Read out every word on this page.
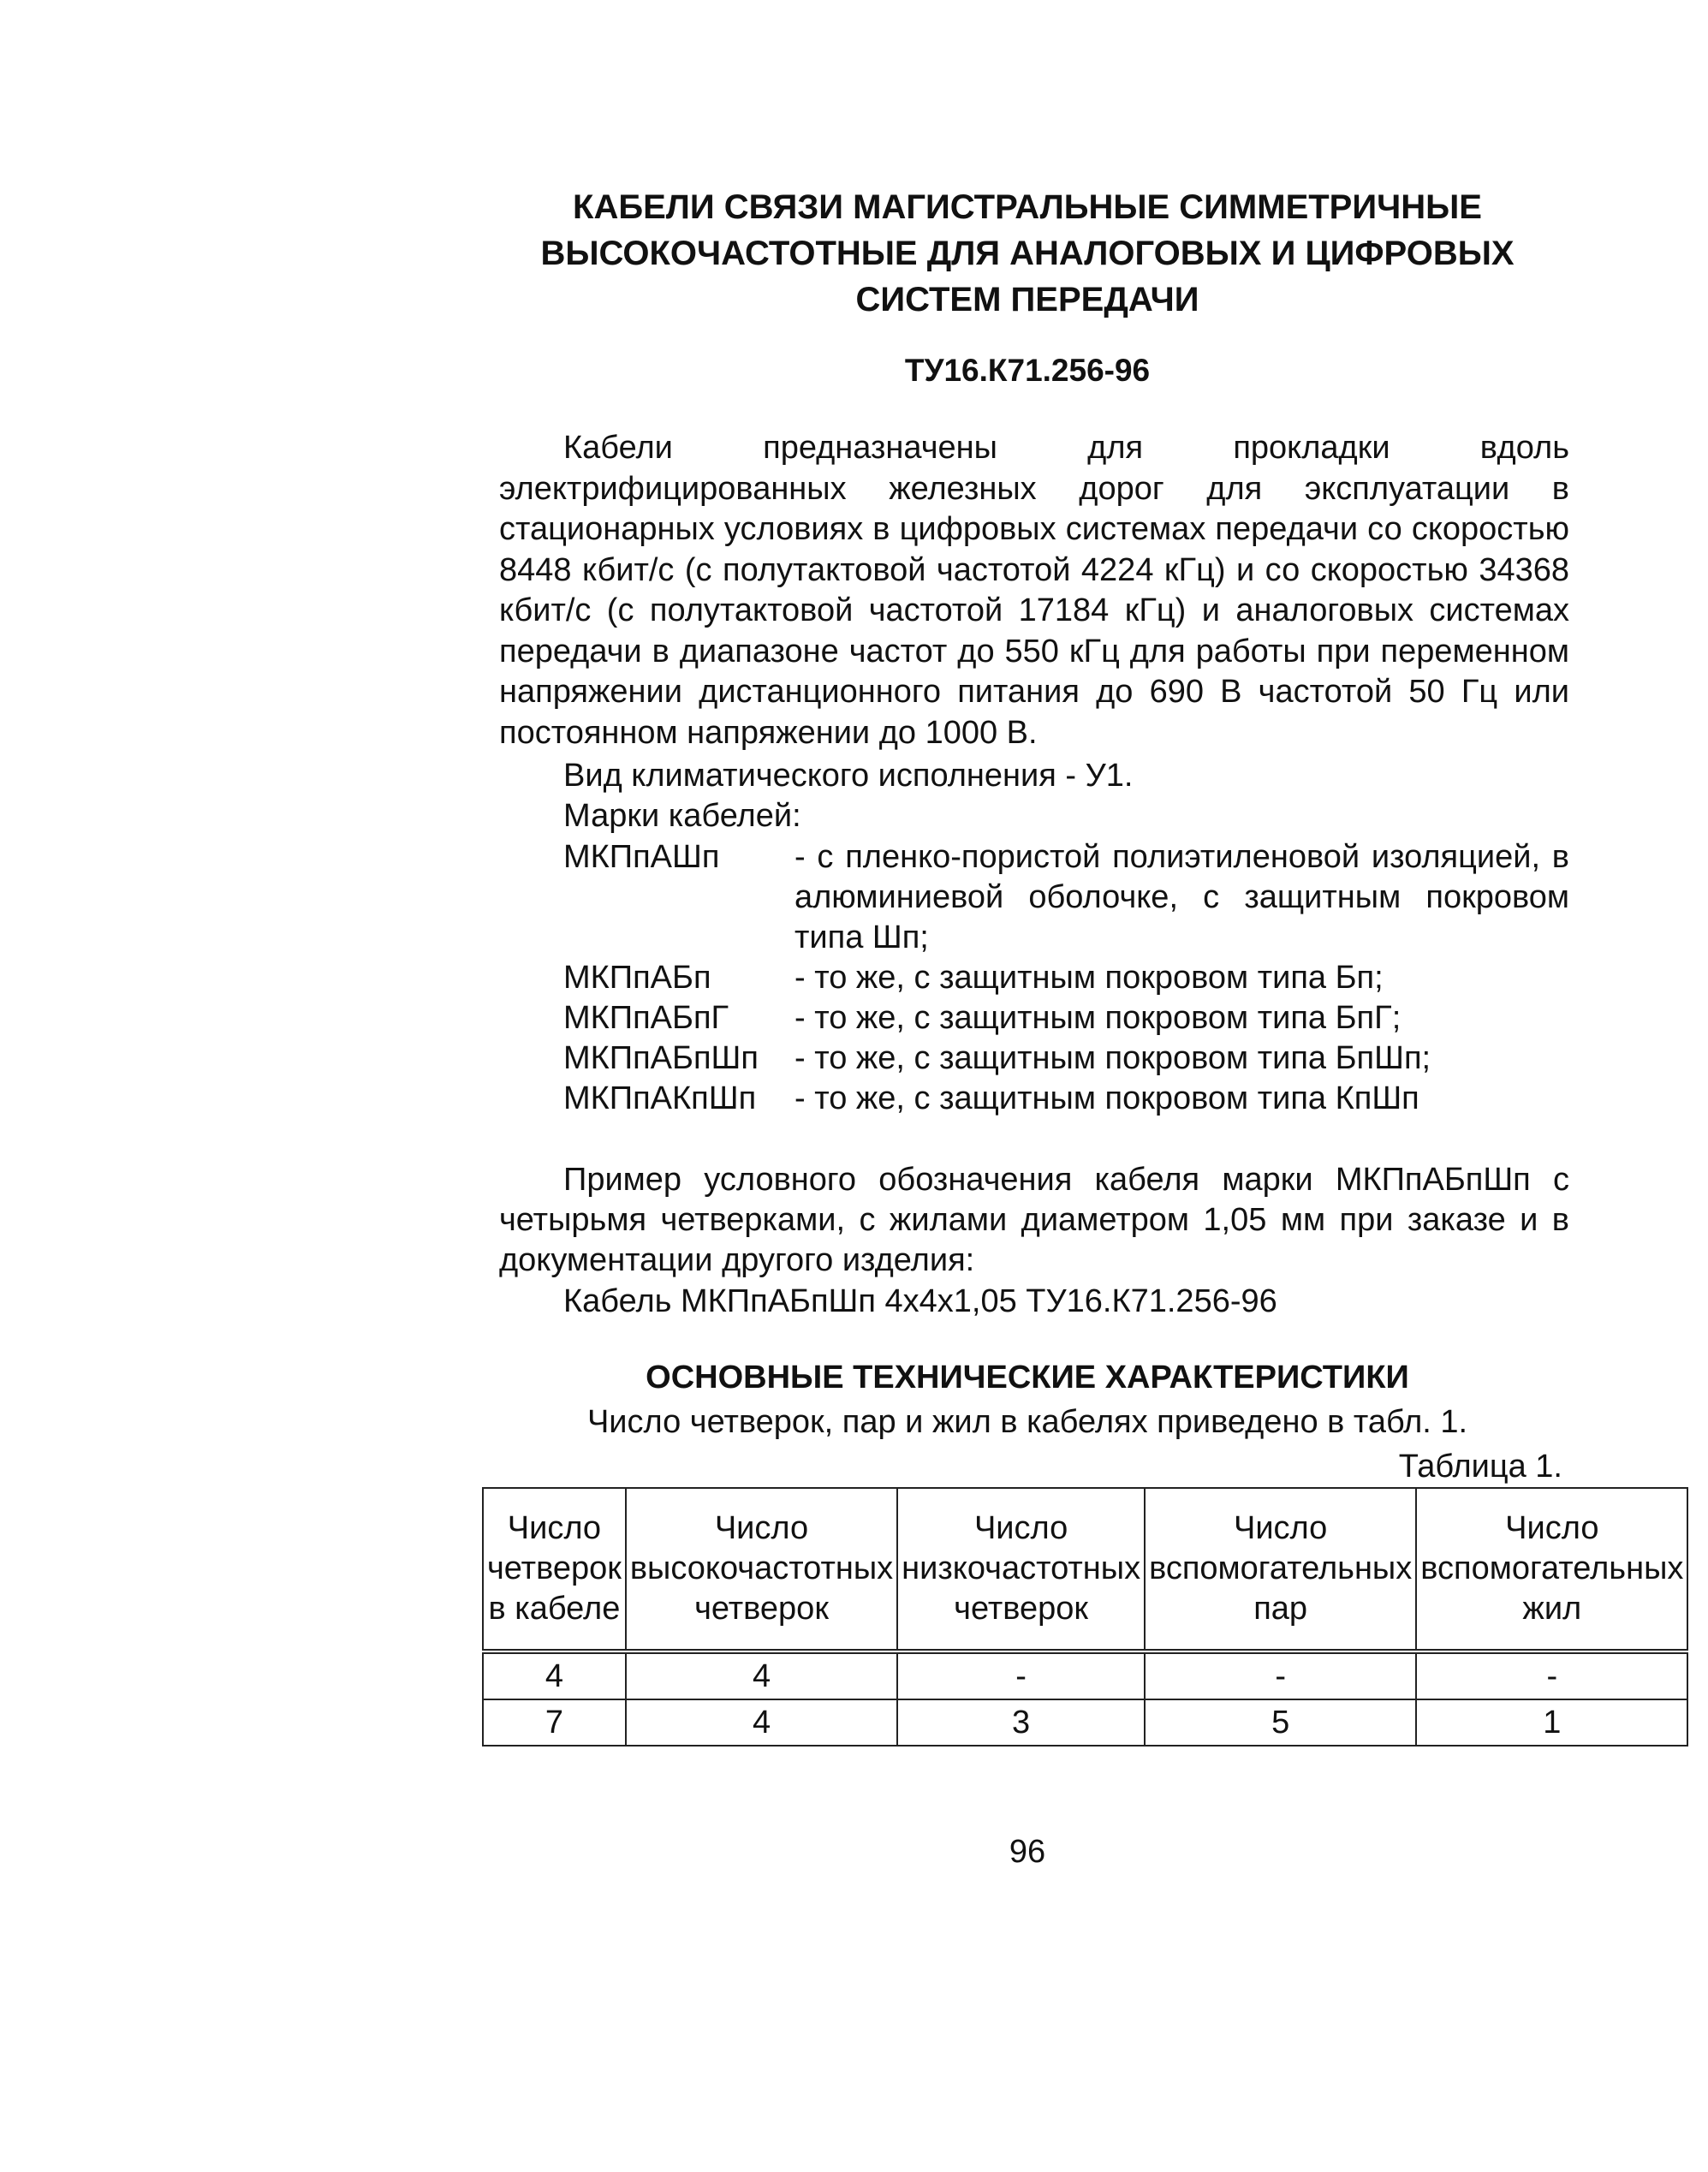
КАБЕЛИ СВЯЗИ МАГИСТРАЛЬНЫЕ СИММЕТРИЧНЫЕ
ВЫСОКОЧАСТОТНЫЕ ДЛЯ АНАЛОГОВЫХ И ЦИФРОВЫХ
СИСТЕМ ПЕРЕДАЧИ

ТУ16.К71.256-96

Кабели предназначены для прокладки вдоль электрифицированных железных дорог для эксплуатации в стационарных условиях в цифровых системах передачи со скоростью 8448 кбит/с (с полутактовой частотой 4224 кГц) и со скоростью 34368 кбит/с (с полутактовой частотой 17184 кГц) и аналоговых системах передачи в диапазоне частот до 550 кГц для работы при переменном напряжении дистанционного питания до 690 В частотой 50 Гц или постоянном напряжении до 1000 В.

Вид климатического исполнения - У1.

Марки кабелей:

МКПпАШп	- с пленко-пористой полиэтиленовой изоляцией, в алюминиевой оболочке, с защитным покровом типа Шп;
МКПпАБп	- то же, с защитным покровом типа Бп;
МКПпАБпГ	- то же, с защитным покровом типа БпГ;
МКПпАБпШп	- то же, с защитным покровом типа БпШп;
МКПпАКпШп	- то же, с защитным покровом типа КпШп

Пример условного обозначения кабеля марки МКПпАБпШп с четырьмя четверками, с жилами диаметром 1,05 мм при заказе и в документации другого изделия:

Кабель МКПпАБпШп 4х4х1,05 ТУ16.К71.256-96

ОСНОВНЫЕ ТЕХНИЧЕСКИЕ ХАРАКТЕРИСТИКИ

Число четверок, пар и жил в кабелях приведено в табл. 1.

Таблица 1.

Число четверок в кабеле	Число высокочастотных четверок	Число низкочастотных четверок	Число вспомогательных пар	Число вспомогательных жил
4	4	-	-	-
7	4	3	5	1

96
